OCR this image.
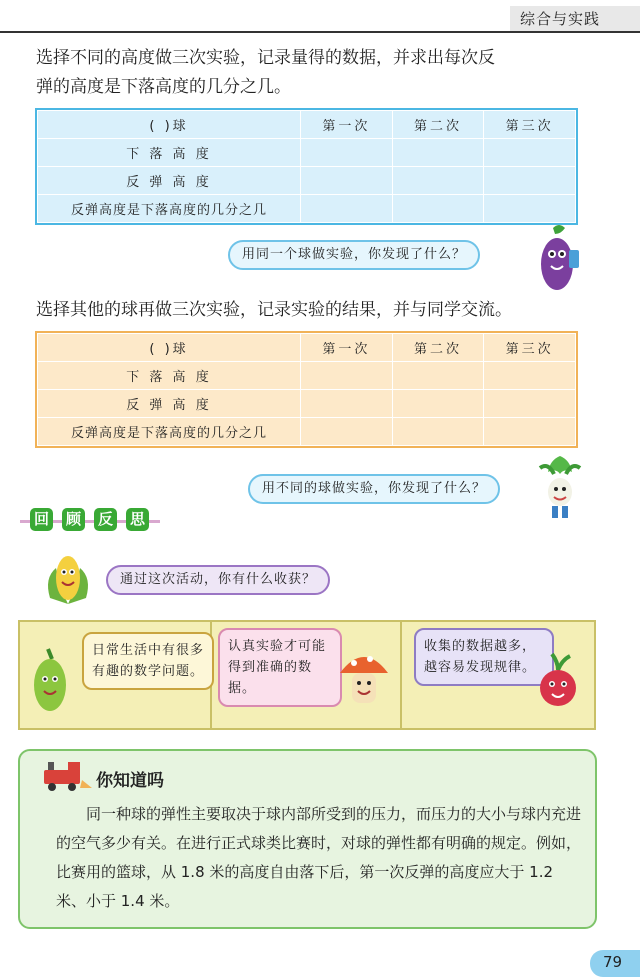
综合与实践
选择不同的高度做三次实验，记录量得的数据，并求出每次反
弹的高度是下落高度的几分之几。
( )球	第一次	第二次	第三次
下 落 高 度			
反 弹 高 度			
反弹高度是下落高度的几分之几			
用同一个球做实验，你发现了什么？
选择其他的球再做三次实验，记录实验的结果，并与同学交流。
( )球	第一次	第二次	第三次
下 落 高 度			
反 弹 高 度			
反弹高度是下落高度的几分之几			
用不同的球做实验，你发现了什么？
回 顾 反 思
通过这次活动，你有什么收获？
日常生活中有很多有趣的数学问题。
认真实验才可能得到准确的数据。
收集的数据越多，越容易发现规律。
你知道吗
同一种球的弹性主要取决于球内部所受到的压力，而压力的大小与球内充进的空气多少有关。在进行正式球类比赛时，对球的弹性都有明确的规定。例如，比赛用的篮球，从 1.8 米的高度自由落下后，第一次反弹的高度应大于 1.2 米、小于 1.4 米。
79
